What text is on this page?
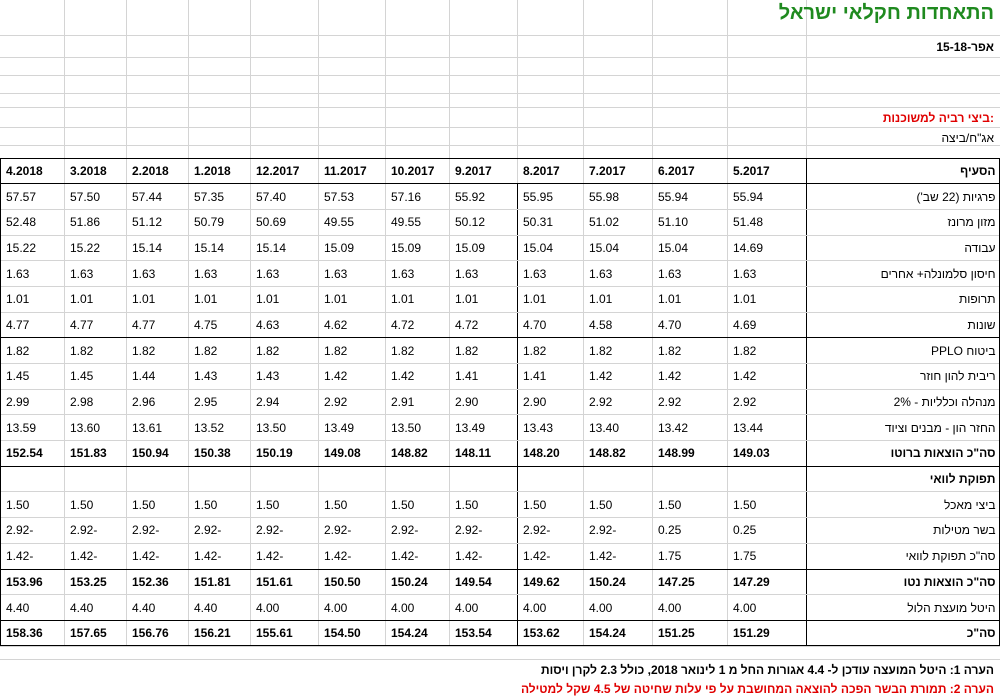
התאחדות חקלאי ישראל
15-אפר-18
ביצי רביה למשוכנות:
אג"ח/ביצה
הסעיף	5.2017	6.2017	7.2017	8.2017	9.2017	10.2017	11.2017	12.2017	1.2018	2.2018	3.2018	4.2018
פרגיות (22 שב')	55.94	55.94	55.98	55.95	55.92	57.16	57.53	57.40	57.35	57.44	57.50	57.57
מזון מרונז	51.48	51.10	51.02	50.31	50.12	49.55	49.55	50.69	50.79	51.12	51.86	52.48
עבודה	14.69	15.04	15.04	15.04	15.09	15.09	15.09	15.14	15.14	15.14	15.22	15.22
חיסון סלמונלה+ אחרים	1.63	1.63	1.63	1.63	1.63	1.63	1.63	1.63	1.63	1.63	1.63	1.63
תרופות	1.01	1.01	1.01	1.01	1.01	1.01	1.01	1.01	1.01	1.01	1.01	1.01
שונות	4.69	4.70	4.58	4.70	4.72	4.72	4.62	4.63	4.75	4.77	4.77	4.77
ביטוח PPLO	1.82	1.82	1.82	1.82	1.82	1.82	1.82	1.82	1.82	1.82	1.82	1.82
ריבית להון חוזר	1.42	1.42	1.42	1.41	1.41	1.42	1.42	1.43	1.43	1.44	1.45	1.45
מנהלה וכלליות - 2%	2.92	2.92	2.92	2.90	2.90	2.91	2.92	2.94	2.95	2.96	2.98	2.99
החזר הון - מבנים וציוד	13.44	13.42	13.40	13.43	13.49	13.50	13.49	13.50	13.52	13.61	13.60	13.59
סה"כ הוצאות ברוטו	149.03	148.99	148.82	148.20	148.11	148.82	149.08	150.19	150.38	150.94	151.83	152.54
תפוקת לוואי												
ביצי מאכל	1.50	1.50	1.50	1.50	1.50	1.50	1.50	1.50	1.50	1.50	1.50	1.50
בשר מטילות	0.25	0.25	-2.92	-2.92	-2.92	-2.92	-2.92	-2.92	-2.92	-2.92	-2.92	-2.92
סה"כ תפוקת לוואי	1.75	1.75	-1.42	-1.42	-1.42	-1.42	-1.42	-1.42	-1.42	-1.42	-1.42	-1.42
סה"כ הוצאות נטו	147.29	147.25	150.24	149.62	149.54	150.24	150.50	151.61	151.81	152.36	153.25	153.96
היטל מועצת הלול	4.00	4.00	4.00	4.00	4.00	4.00	4.00	4.00	4.40	4.40	4.40	4.40
סה"כ	151.29	151.25	154.24	153.62	153.54	154.24	154.50	155.61	156.21	156.76	157.65	158.36
הערה 1: היטל המועצה עודכן ל- 4.4 אגורות החל מ 1 לינואר 2018, כולל 2.3 לקרן ויסות
הערה 2: תמורת הבשר הפכה להוצאה המחושבת על פי עלות שחיטה של 4.5 שקל למטילה
